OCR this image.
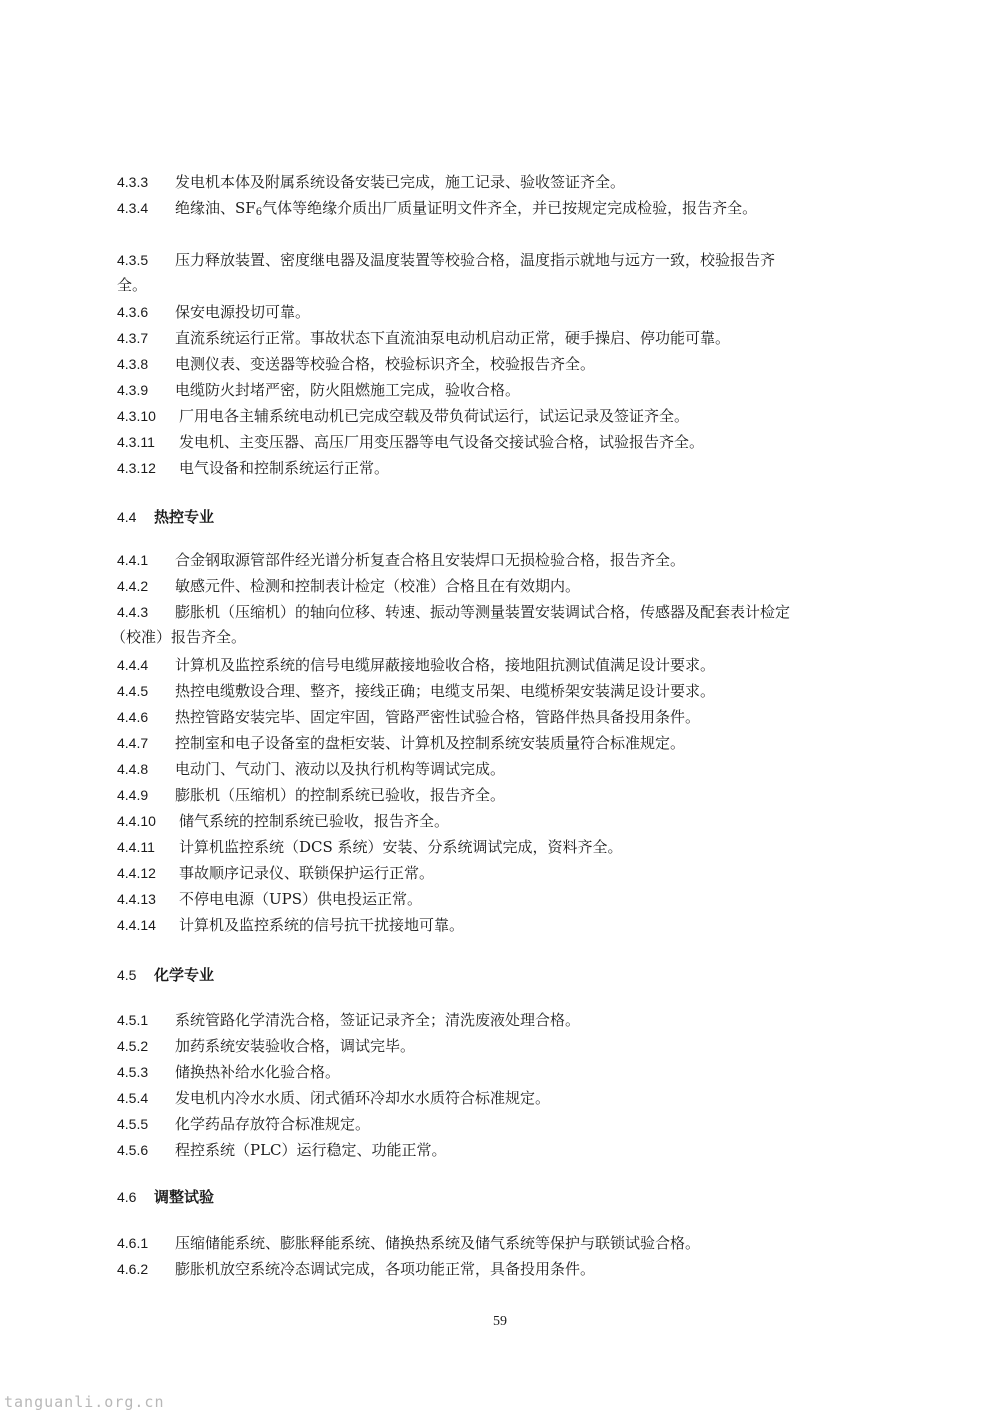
4.3.3 发电机本体及附属系统设备安装已完成，施工记录、验收签证齐全。
4.3.4 绝缘油、$SF_6$气体等绝缘介质出厂质量证明文件齐全，并已按规定完成检验，报告齐全。
4.3.5 压力释放装置、密度继电器及温度装置等校验合格，温度指示就地与远方一致，校验报告齐
全。
4.3.6 保安电源投切可靠。
4.3.7 直流系统运行正常。事故状态下直流油泵电动机启动正常，硬手操启、停功能可靠。
4.3.8 电测仪表、变送器等校验合格，校验标识齐全，校验报告齐全。
4.3.9 电缆防火封堵严密，防火阻燃施工完成，验收合格。
4.3.10 厂用电各主辅系统电动机已完成空载及带负荷试运行，试运记录及签证齐全。
4.3.11 发电机、主变压器、高压厂用变压器等电气设备交接试验合格，试验报告齐全。
4.3.12 电气设备和控制系统运行正常。
4.4 热控专业
4.4.1 合金钢取源管部件经光谱分析复查合格且安装焊口无损检验合格，报告齐全。
4.4.2 敏感元件、检测和控制表计检定（校准）合格且在有效期内。
4.4.3 膨胀机（压缩机）的轴向位移、转速、振动等测量装置安装调试合格，传感器及配套表计检定
（校准）报告齐全。
4.4.4 计算机及监控系统的信号电缆屏蔽接地验收合格，接地阻抗测试值满足设计要求。
4.4.5 热控电缆敷设合理、整齐，接线正确；电缆支吊架、电缆桥架安装满足设计要求。
4.4.6 热控管路安装完毕、固定牢固，管路严密性试验合格，管路伴热具备投用条件。
4.4.7 控制室和电子设备室的盘柜安装、计算机及控制系统安装质量符合标准规定。
4.4.8 电动门、气动门、液动以及执行机构等调试完成。
4.4.9 膨胀机（压缩机）的控制系统已验收，报告齐全。
4.4.10 储气系统的控制系统已验收，报告齐全。
4.4.11 计算机监控系统（DCS 系统）安装、分系统调试完成，资料齐全。
4.4.12 事故顺序记录仪、联锁保护运行正常。
4.4.13 不停电电源（UPS）供电投运正常。
4.4.14 计算机及监控系统的信号抗干扰接地可靠。
4.5 化学专业
4.5.1 系统管路化学清洗合格，签证记录齐全；清洗废液处理合格。
4.5.2 加药系统安装验收合格，调试完毕。
4.5.3 储换热补给水化验合格。
4.5.4 发电机内冷水水质、闭式循环冷却水水质符合标准规定。
4.5.5 化学药品存放符合标准规定。
4.5.6 程控系统（PLC）运行稳定、功能正常。
4.6 调整试验
4.6.1 压缩储能系统、膨胀释能系统、储换热系统及储气系统等保护与联锁试验合格。
4.6.2 膨胀机放空系统冷态调试完成，各项功能正常，具备投用条件。
59
tanguanli.org.cn
